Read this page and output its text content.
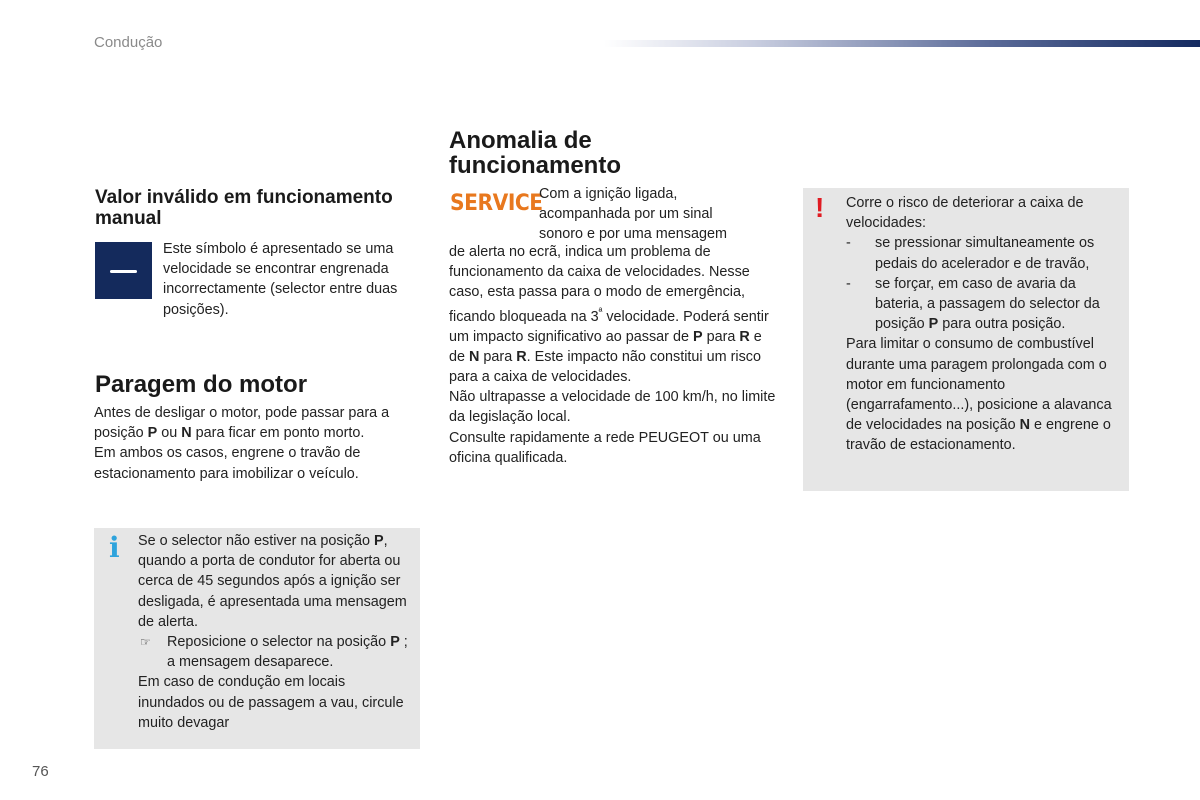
Condução
Valor inválido em funcionamento manual
Este símbolo é apresentado se uma velocidade se encontrar engrenada incorrectamente (selector entre duas posições).
Paragem do motor

Antes de desligar o motor, pode passar para a posição P ou N para ficar em ponto morto.

Em ambos os casos, engrene o travão de estacionamento para imobilizar o veículo.

i Se o selector não estiver na posição P, quando a porta de condutor for aberta ou cerca de 45 segundos após a ignição ser desligada, é apresentada uma mensagem de alerta.

☞ Reposicione o selector na posição P ; a mensagem desaparece.

Em caso de condução em locais inundados ou de passagem a vau, circule muito devagar

Anomalia de funcionamento
SERVICE
Com a ignição ligada, acompanhada por um sinal sonoro e por uma mensagem

de alerta no ecrã, indica um problema de funcionamento da caixa de velocidades. Nesse caso, esta passa para o modo de emergência, ficando bloqueada na $3^ª$ velocidade. Poderá sentir um impacto significativo ao passar de P para R e de N para R. Este impacto não constitui um risco para a caixa de velocidades.

Não ultrapasse a velocidade de 100 km/h, no limite da legislação local.

Consulte rapidamente a rede PEUGEOT ou uma oficina qualificada.

! Corre o risco de deteriorar a caixa de velocidades:

- se pressionar simultaneamente os pedais do acelerador e de travão,
- se forçar, em caso de avaria da bateria, a passagem do selector da posição P para outra posição.

Para limitar o consumo de combustível durante uma paragem prolongada com o motor em funcionamento (engarrafamento...), posicione a alavanca de velocidades na posição N e engrene o travão de estacionamento.

76
